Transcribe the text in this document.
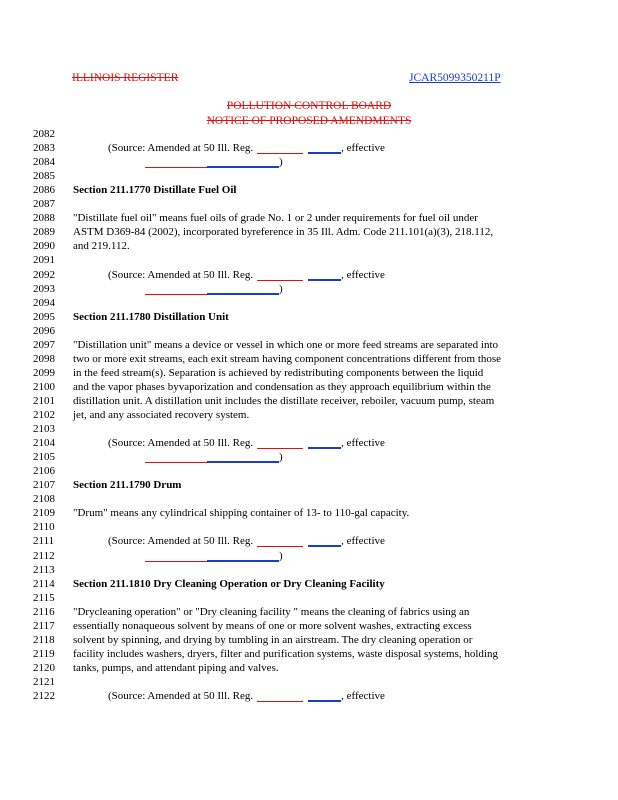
ILLINOIS REGISTER	JCAR5099350211P
POLLUTION CONTROL BOARD
NOTICE OF PROPOSED AMENDMENTS
2082
)
2083	(Source: Amended at 50 Ill. Reg.	, effective
2084
2085
2086	Section 211.1770 Distillate Fuel Oil
2087
2088	"Distillate fuel oil" means fuel oils of grade No. 1 or 2 under requirements for fuel oil under
2089	ASTM D369-84 (2002), incorporated byreference in 35 Ill. Adm. Code 211.101(a)(3), 218.112,
2090	and 219.112.
2091
)
2092	(Source: Amended at 50 Ill. Reg.	, effective
2093
2094
2095	Section 211.1780 Distillation Unit
2096
2097	"Distillation unit" means a device or vessel in which one or more feed streams are separated into
2098	two or more exit streams, each exit stream having component concentrations different from those
2099	in the feed stream(s). Separation is achieved by redistributing components between the liquid
2100	and the vapor phases byvaporization and condensation as they approach equilibrium within the
2101	distillation unit. A distillation unit includes the distillate receiver, reboiler, vacuum pump, steam
2102	jet, and any associated recovery system.
2103
)
2104	(Source: Amended at 50 Ill. Reg.	, effective
2105
2106
2107	Section 211.1790 Drum
2108
2109	"Drum" means any cylindrical shipping container of 13- to 110-gal capacity.
2110
)
2111	(Source: Amended at 50 Ill. Reg.	, effective
2112
2113
2114	Section 211.1810 Dry Cleaning Operation or Dry Cleaning Facility
2115
2116	"Drycleaning operation" or "Dry cleaning facility " means the cleaning of fabrics using an
2117	essentially nonaqueous solvent by means of one or more solvent washes, extracting excess
2118	solvent by spinning, and drying by tumbling in an airstream. The dry cleaning operation or
2119	facility includes washers, dryers, filter and purification systems, waste disposal systems, holding
2120	tanks, pumps, and attendant piping and valves.
2121
2122	(Source: Amended at 50 Ill. Reg.	, effective
